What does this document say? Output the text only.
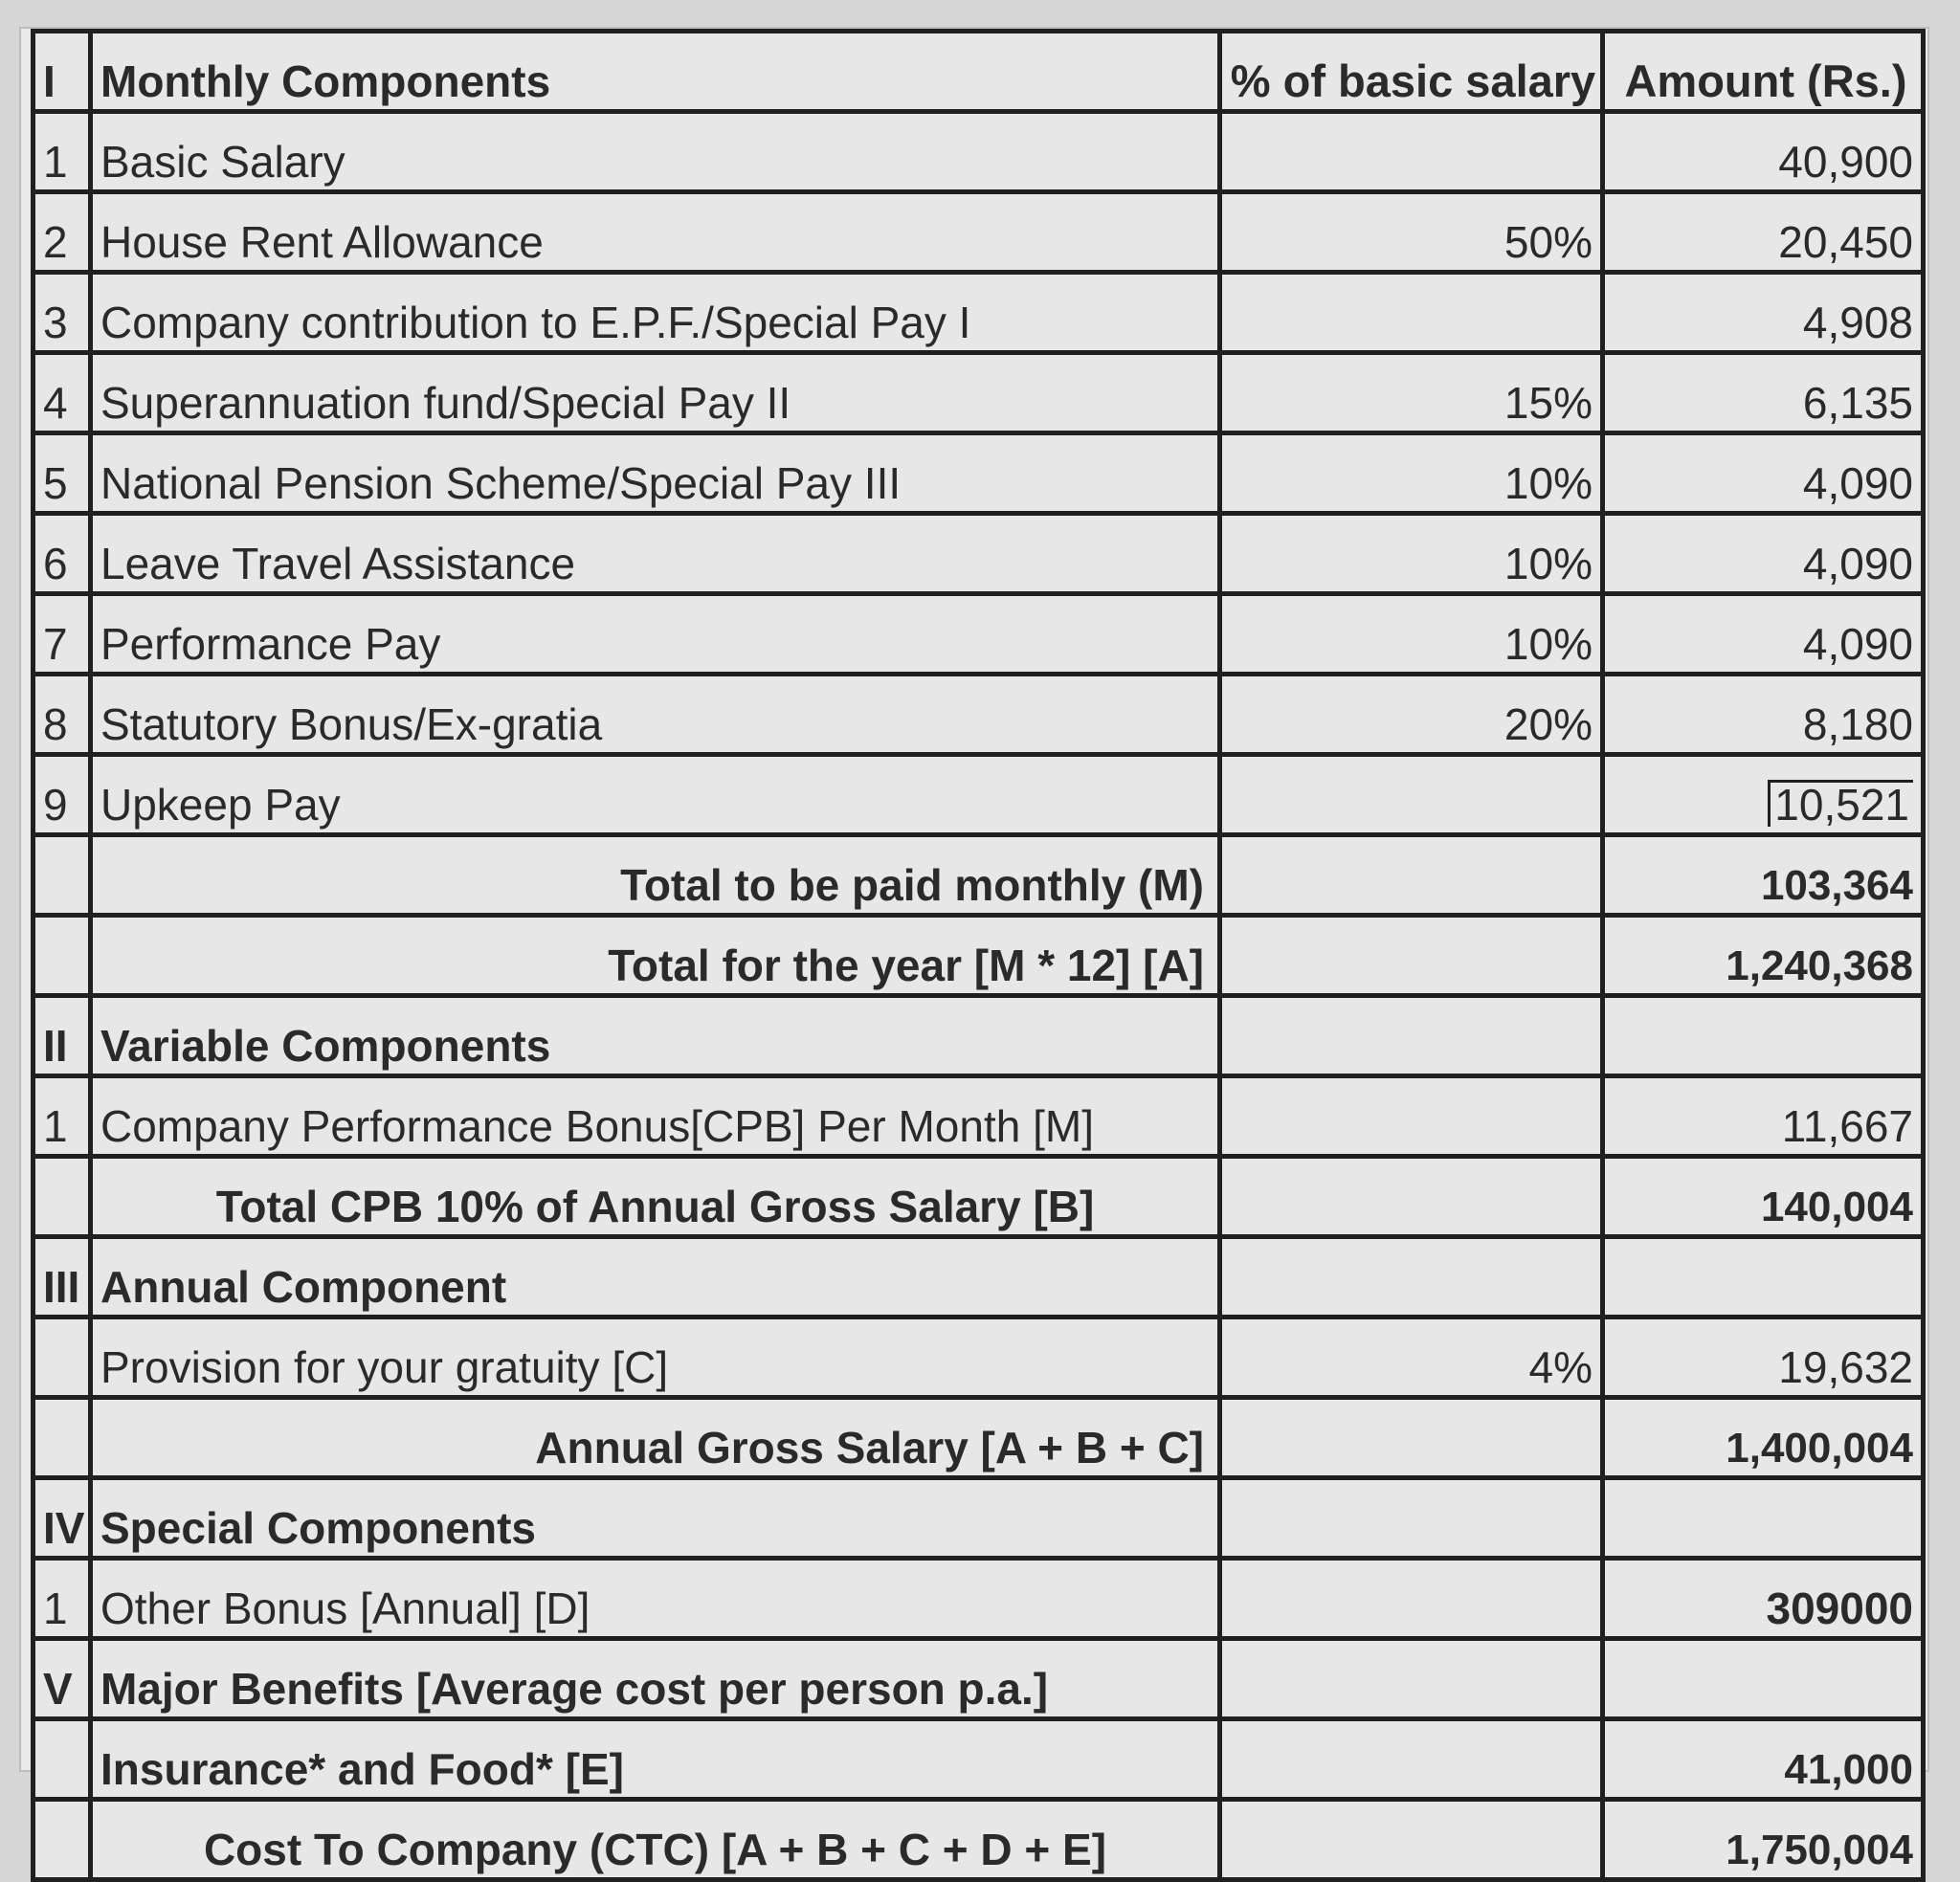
I	Monthly Components	% of basic salary	Amount (Rs.)
1	Basic Salary		40,900
2	House Rent Allowance	50%	20,450
3	Company contribution to E.P.F./Special Pay I		4,908
4	Superannuation fund/Special Pay II	15%	6,135
5	National Pension Scheme/Special Pay III	10%	4,090
6	Leave Travel Assistance	10%	4,090
7	Performance Pay	10%	4,090
8	Statutory Bonus/Ex-gratia	20%	8,180
9	Upkeep Pay		10,521
	Total to be paid monthly (M)		103,364
	Total for the year [M * 12] [A]		1,240,368
II	Variable Components		
1	Company Performance Bonus[CPB] Per Month [M]		11,667
	Total CPB 10% of Annual Gross Salary [B]		140,004
III	Annual Component		
	Provision for your gratuity [C]	4%	19,632
	Annual Gross Salary [A + B + C]		1,400,004
IV	Special Components		
1	Other Bonus [Annual] [D]		309000
V	Major Benefits [Average cost per person p.a.]		
	Insurance* and Food* [E]		41,000
	Cost To Company (CTC) [A + B + C + D + E]		1,750,004
